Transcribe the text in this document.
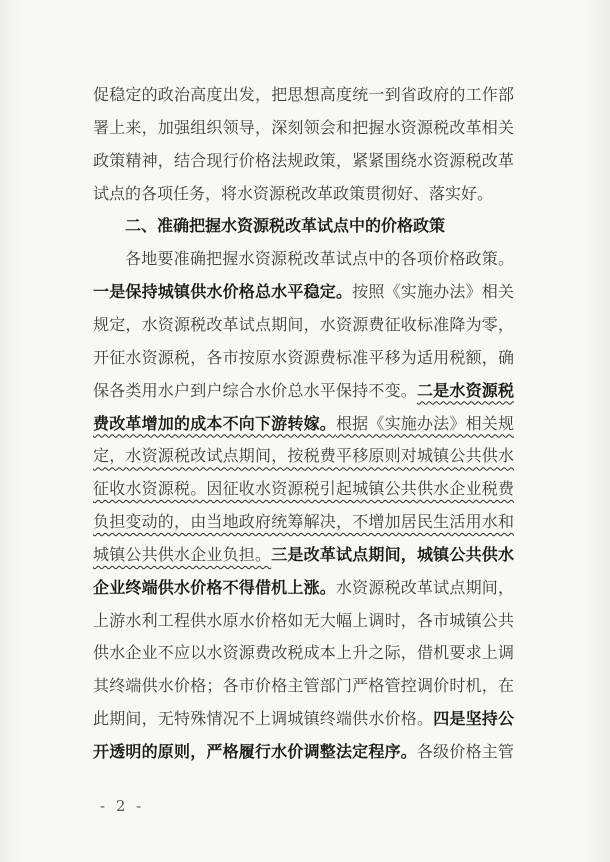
促稳定的政治高度出发，把思想高度统一到省政府的工作部
署上来，加强组织领导，深刻领会和把握水资源税改革相关
政策精神，结合现行价格法规政策，紧紧围绕水资源税改革
试点的各项任务，将水资源税改革政策贯彻好、落实好。
二、准确把握水资源税改革试点中的价格政策
各地要准确把握水资源税改革试点中的各项价格政策。
一是保持城镇供水价格总水平稳定。按照《实施办法》相关
规定，水资源税改革试点期间，水资源费征收标准降为零，
开征水资源税，各市按原水资源费标准平移为适用税额，确
保各类用水户到户综合水价总水平保持不变。二是水资源税
费改革增加的成本不向下游转嫁。根据《实施办法》相关规
定，水资源税改试点期间，按税费平移原则对城镇公共供水
征收水资源税。因征收水资源税引起城镇公共供水企业税费
负担变动的，由当地政府统筹解决，不增加居民生活用水和
城镇公共供水企业负担。三是改革试点期间，城镇公共供水
企业终端供水价格不得借机上涨。水资源税改革试点期间，
上游水利工程供水原水价格如无大幅上调时，各市城镇公共
供水企业不应以水资源费改税成本上升之际，借机要求上调
其终端供水价格；各市价格主管部门严格管控调价时机，在
此期间，无特殊情况不上调城镇终端供水价格。四是坚持公
开透明的原则，严格履行水价调整法定程序。各级价格主管
- 2 -
